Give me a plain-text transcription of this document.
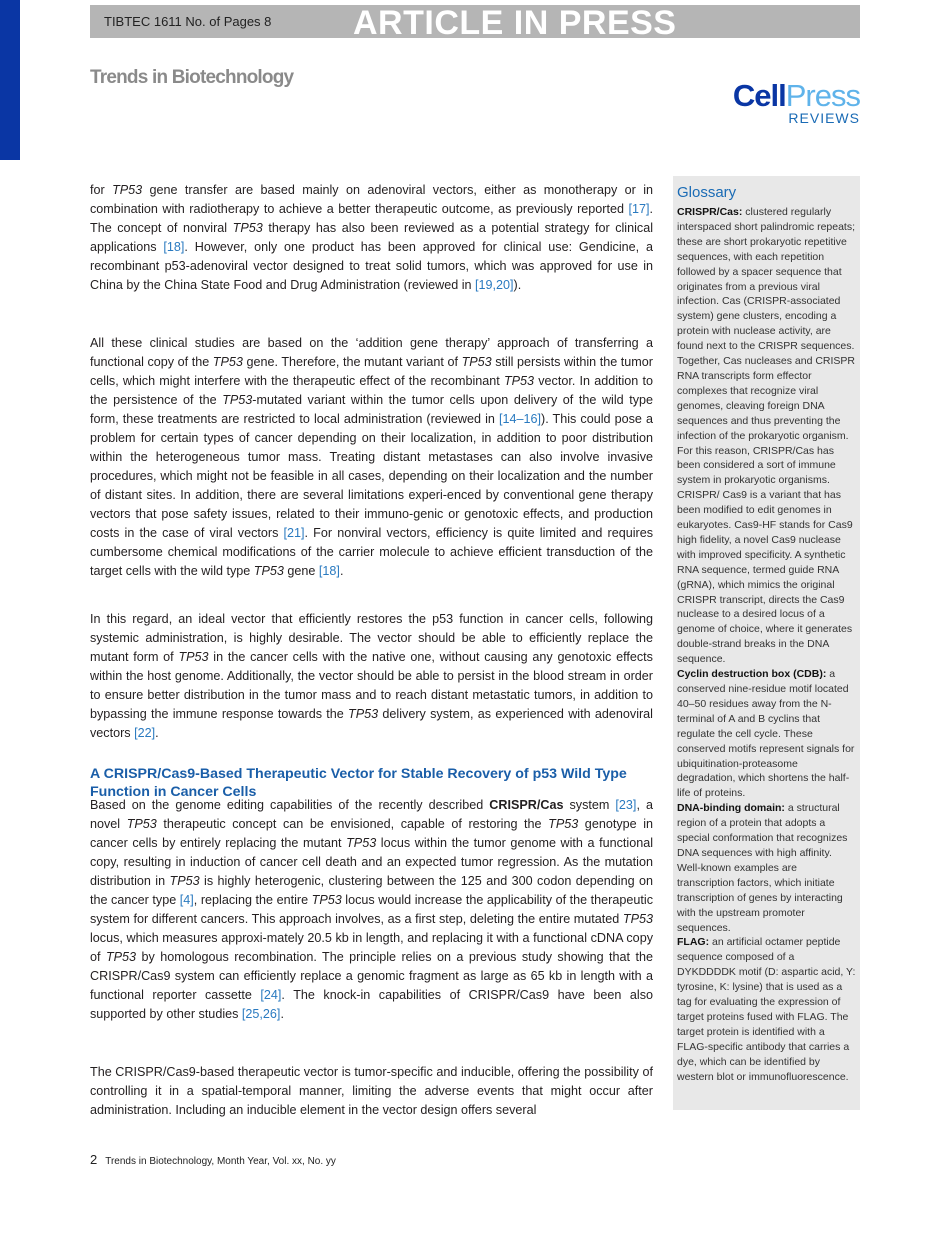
TIBTEC 1611 No. of Pages 8 ARTICLE IN PRESS
Trends in Biotechnology
CellPress
REVIEWS

for TP53 gene transfer are based mainly on adenoviral vectors, either as monotherapy or in combination with radiotherapy to achieve a better therapeutic outcome, as previously reported [17]. The concept of nonviral TP53 therapy has also been reviewed as a potential strategy for clinical applications [18]. However, only one product has been approved for clinical use: Gendicine, a recombinant p53-adenoviral vector designed to treat solid tumors, which was approved for use in China by the China State Food and Drug Administration (reviewed in [19,20]).

All these clinical studies are based on the ‘addition gene therapy’ approach of transferring a functional copy of the TP53 gene. Therefore, the mutant variant of TP53 still persists within the tumor cells, which might interfere with the therapeutic effect of the recombinant TP53 vector. In addition to the persistence of the TP53-mutated variant within the tumor cells upon delivery of the wild type form, these treatments are restricted to local administration (reviewed in [14–16]). This could pose a problem for certain types of cancer depending on their localization, in addition to poor distribution within the heterogeneous tumor mass. Treating distant metastases can also involve invasive procedures, which might not be feasible in all cases, depending on their localization and the number of distant sites. In addition, there are several limitations experi-enced by conventional gene therapy vectors that pose safety issues, related to their immuno-genic or genotoxic effects, and production costs in the case of viral vectors [21]. For nonviral vectors, efficiency is quite limited and requires cumbersome chemical modifications of the carrier molecule to achieve efficient transduction of the target cells with the wild type TP53 gene [18].

In this regard, an ideal vector that efficiently restores the p53 function in cancer cells, following systemic administration, is highly desirable. The vector should be able to efficiently replace the mutant form of TP53 in the cancer cells with the native one, without causing any genotoxic effects within the host genome. Additionally, the vector should be able to persist in the blood stream in order to ensure better distribution in the tumor mass and to reach distant metastatic tumors, in addition to bypassing the immune response towards the TP53 delivery system, as experienced with adenoviral vectors [22].

A CRISPR/Cas9-Based Therapeutic Vector for Stable Recovery of p53 Wild Type Function in Cancer Cells

Based on the genome editing capabilities of the recently described CRISPR/Cas system [23], a novel TP53 therapeutic concept can be envisioned, capable of restoring the TP53 genotype in cancer cells by entirely replacing the mutant TP53 locus within the tumor genome with a functional copy, resulting in induction of cancer cell death and an expected tumor regression. As the mutation distribution in TP53 is highly heterogenic, clustering between the 125 and 300 codon depending on the cancer type [4], replacing the entire TP53 locus would increase the applicability of the therapeutic system for different cancers. This approach involves, as a first step, deleting the entire mutated TP53 locus, which measures approxi-mately 20.5 kb in length, and replacing it with a functional cDNA copy of TP53 by homologous recombination. The principle relies on a previous study showing that the CRISPR/Cas9 system can efficiently replace a genomic fragment as large as 65 kb in length with a functional reporter cassette [24]. The knock-in capabilities of CRISPR/Cas9 have been also supported by other studies [25,26].

The CRISPR/Cas9-based therapeutic vector is tumor-specific and inducible, offering the possibility of controlling it in a spatial-temporal manner, limiting the adverse events that might occur after administration. Including an inducible element in the vector design offers several

Glossary
CRISPR/Cas: clustered regularly interspaced short palindromic repeats; these are short prokaryotic repetitive sequences, with each repetition followed by a spacer sequence that originates from a previous viral infection. Cas (CRISPR-associated system) gene clusters, encoding a protein with nuclease activity, are found next to the CRISPR sequences. Together, Cas nucleases and CRISPR RNA transcripts form effector complexes that recognize viral genomes, cleaving foreign DNA sequences and thus preventing the infection of the prokaryotic organism. For this reason, CRISPR/Cas has been considered a sort of immune system in prokaryotic organisms. CRISPR/ Cas9 is a variant that has been modified to edit genomes in eukaryotes. Cas9-HF stands for Cas9 high fidelity, a novel Cas9 nuclease with improved specificity. A synthetic RNA sequence, termed guide RNA (gRNA), which mimics the original CRISPR transcript, directs the Cas9 nuclease to a desired locus of a genome of choice, where it generates double-strand breaks in the DNA sequence.
Cyclin destruction box (CDB): a conserved nine-residue motif located 40–50 residues away from the N-terminal of A and B cyclins that regulate the cell cycle. These conserved motifs represent signals for ubiquitination-proteasome degradation, which shortens the half-life of proteins.
DNA-binding domain: a structural region of a protein that adopts a special conformation that recognizes DNA sequences with high affinity. Well-known examples are transcription factors, which initiate transcription of genes by interacting with the upstream promoter sequences.
FLAG: an artificial octamer peptide sequence composed of a DYKDDDDK motif (D: aspartic acid, Y: tyrosine, K: lysine) that is used as a tag for evaluating the expression of target proteins fused with FLAG. The target protein is identified with a FLAG-specific antibody that carries a dye, which can be identified by western blot or immunofluorescence.
2 Trends in Biotechnology, Month Year, Vol. xx, No. yy
